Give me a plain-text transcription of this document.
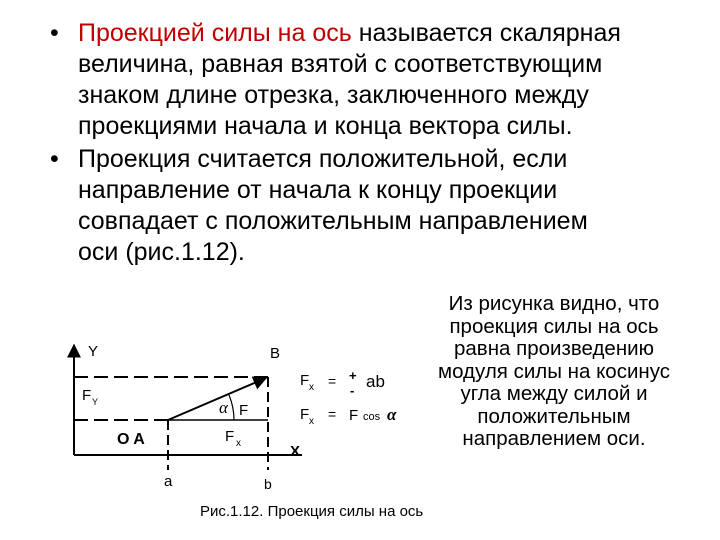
• Проекцией силы на ось называется скалярная
величина, равная взятой с соответствующим
знаком длине отрезка, заключенного между
проекциями начала и конца вектора силы.
• Проекция считается положительной, если
направление от начала к концу проекции
совпадает с положительным направлением
оси (рис.1.12).
Из рисунка видно, что
проекция силы на ось
равна произведению
модуля силы на косинус
угла между силой и
положительным
направлением оси.
Y	B
F Y	α F
O A	F x	X
a	b
F x = +
- ab
F x = F cos α
Рис.1.12. Проекция силы на ось
